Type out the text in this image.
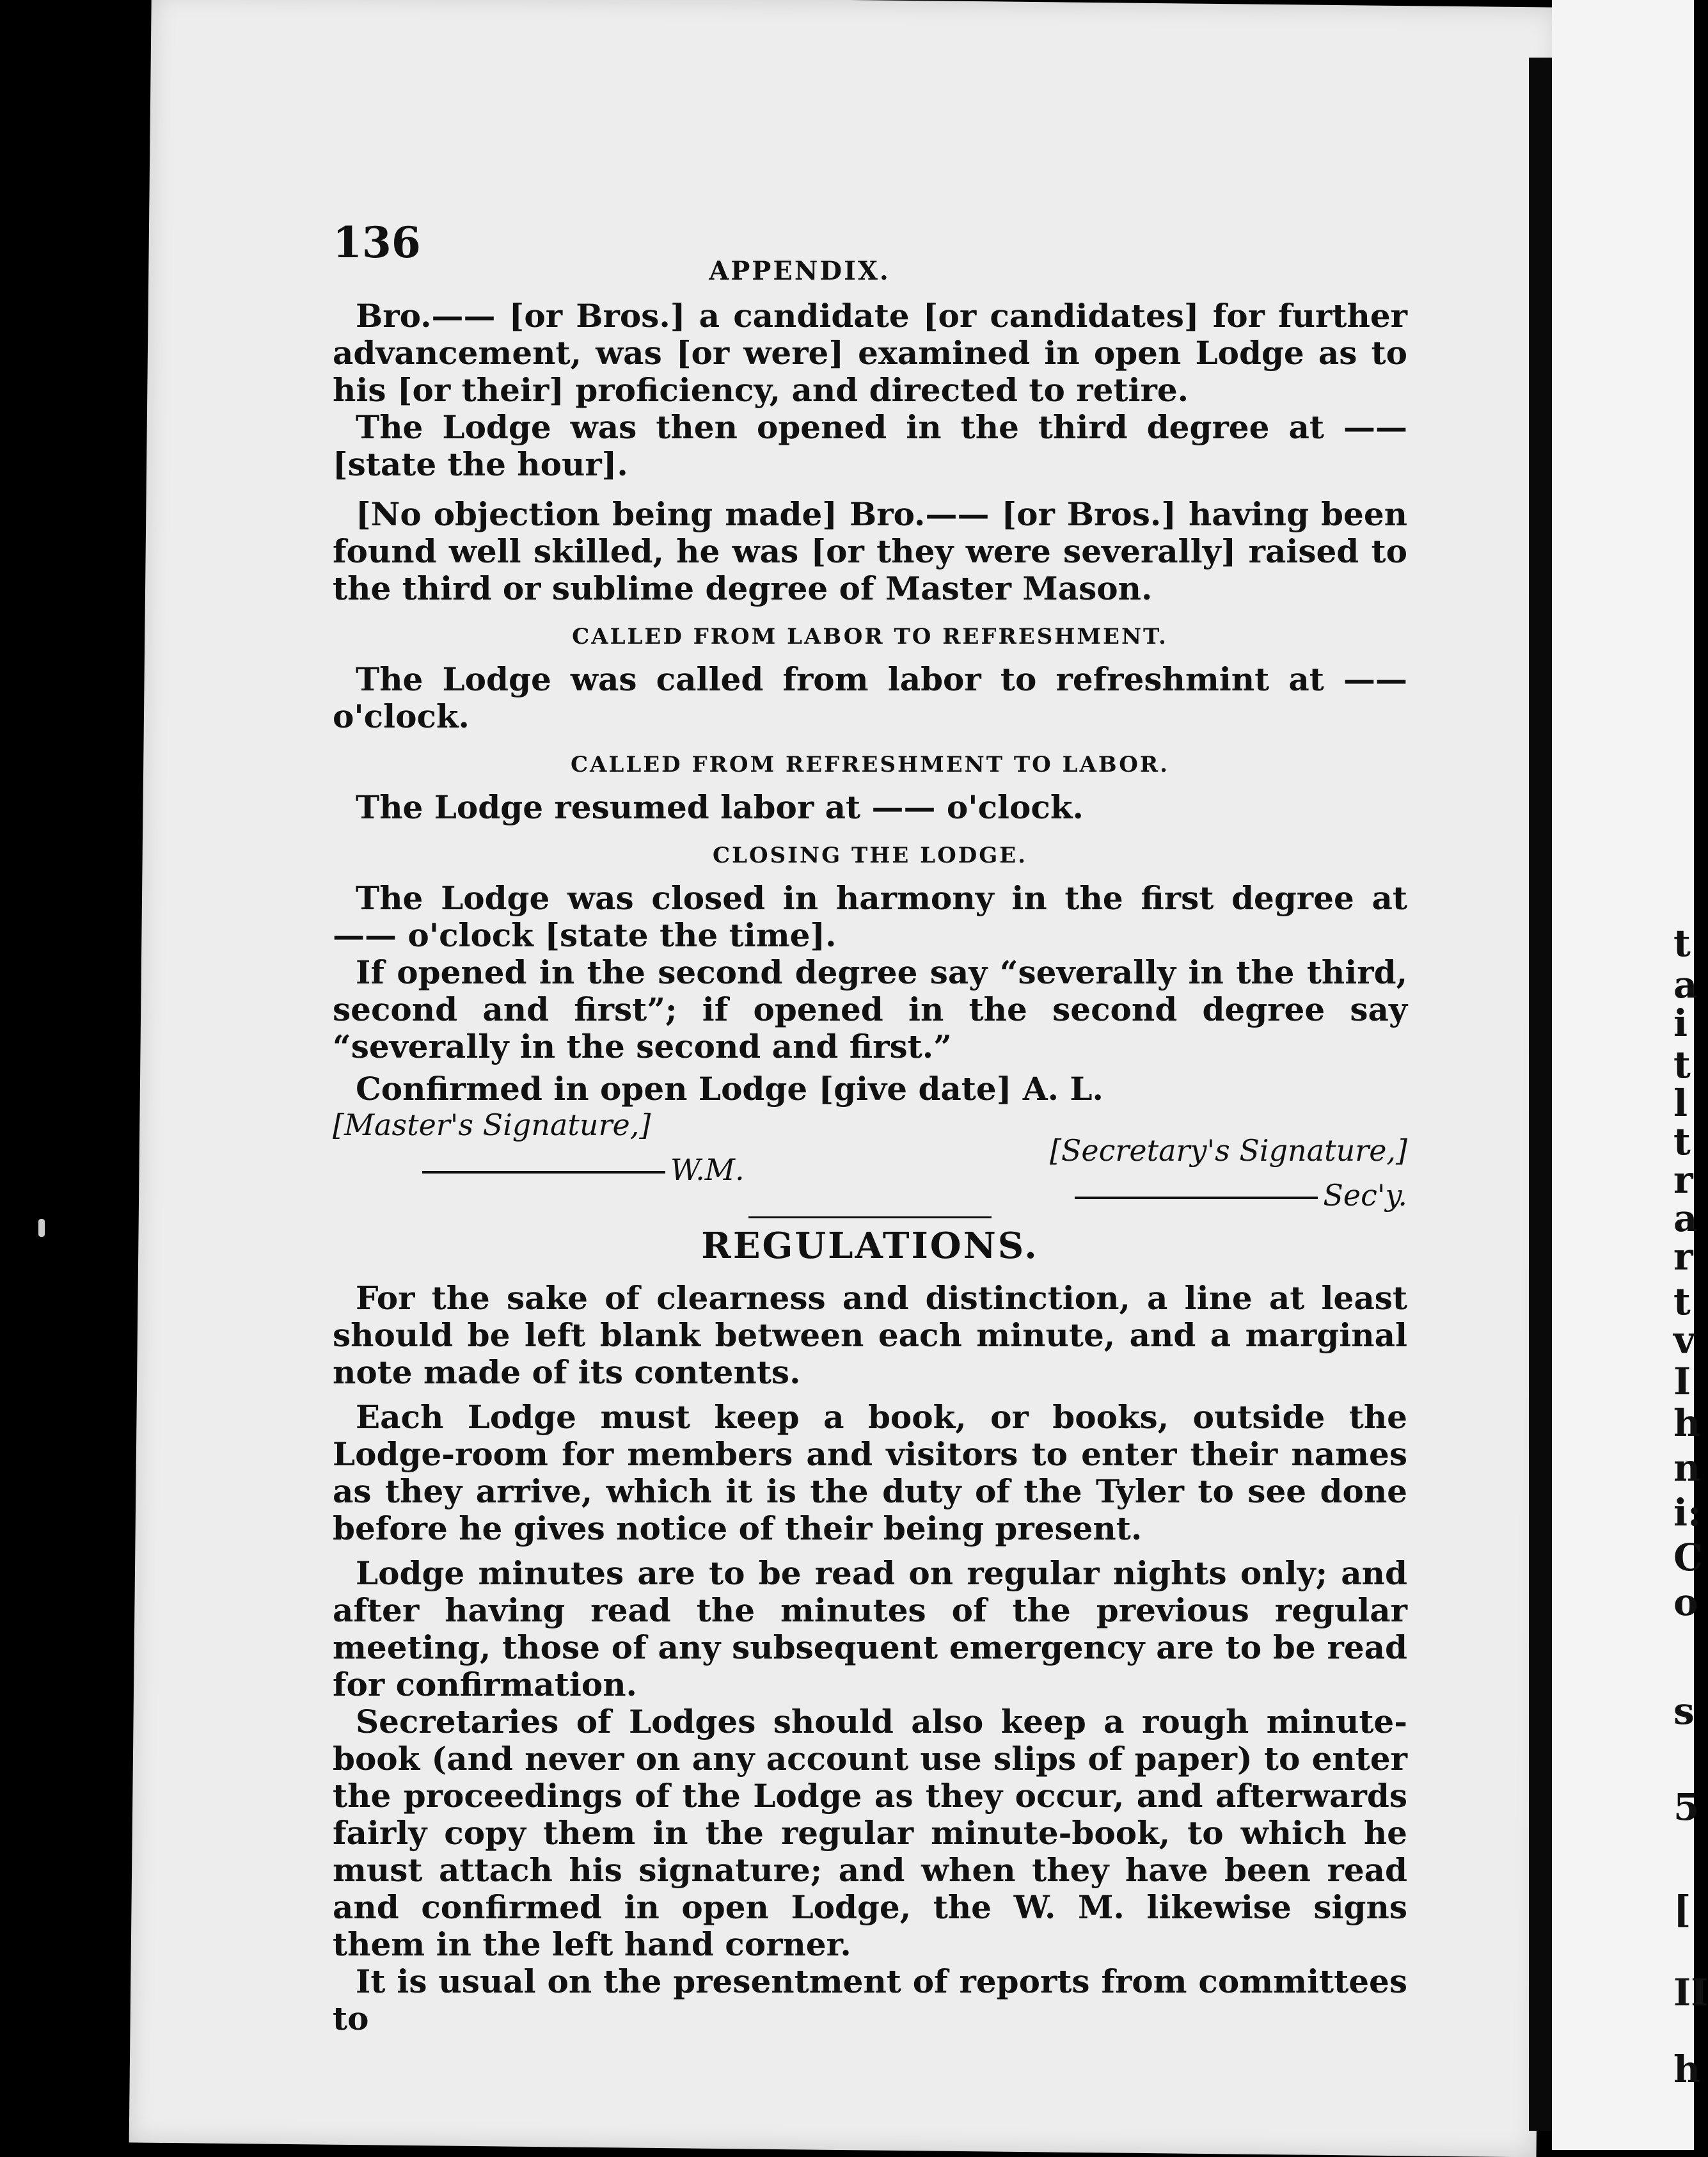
t
a
i
t
l
t
r
a
r
t
v
I
h
n
i:
C
o
s
5
[
II
h
136
APPENDIX.

Bro.—— [or Bros.] a candidate [or candidates] for further advancement, was [or were] examined in open Lodge as to his [or their] proficiency, and directed to retire.

The Lodge was then opened in the third degree at —— [state the hour].

[No objection being made] Bro.—— [or Bros.] having been found well skilled, he was [or they were severally] raised to the third or sublime degree of Master Mason.

CALLED FROM LABOR TO REFRESHMENT.

The Lodge was called from labor to refreshmint at —— o'clock.

CALLED FROM REFRESHMENT TO LABOR.

The Lodge resumed labor at —— o'clock.

CLOSING THE LODGE.

The Lodge was closed in harmony in the first degree at —— o'clock [state the time].

If opened in the second degree say “severally in the third, second and first”; if opened in the second degree say “severally in the second and first.”

Confirmed in open Lodge [give date] A. L.

[Master's Signature,]
W.M.
[Secretary's Signature,]
Sec'y.
REGULATIONS.

For the sake of clearness and distinction, a line at least should be left blank between each minute, and a marginal note made of its contents.

Each Lodge must keep a book, or books, outside the Lodge-room for members and visitors to enter their names as they arrive, which it is the duty of the Tyler to see done before he gives notice of their being present.

Lodge minutes are to be read on regular nights only; and after having read the minutes of the previous regular meeting, those of any subsequent emergency are to be read for confirmation.

Secretaries of Lodges should also keep a rough minute-book (and never on any account use slips of paper) to enter the proceedings of the Lodge as they occur, and afterwards fairly copy them in the regular minute-book, to which he must attach his signature; and when they have been read and confirmed in open Lodge, the W. M. likewise signs them in the left hand corner.

It is usual on the presentment of reports from committees to
